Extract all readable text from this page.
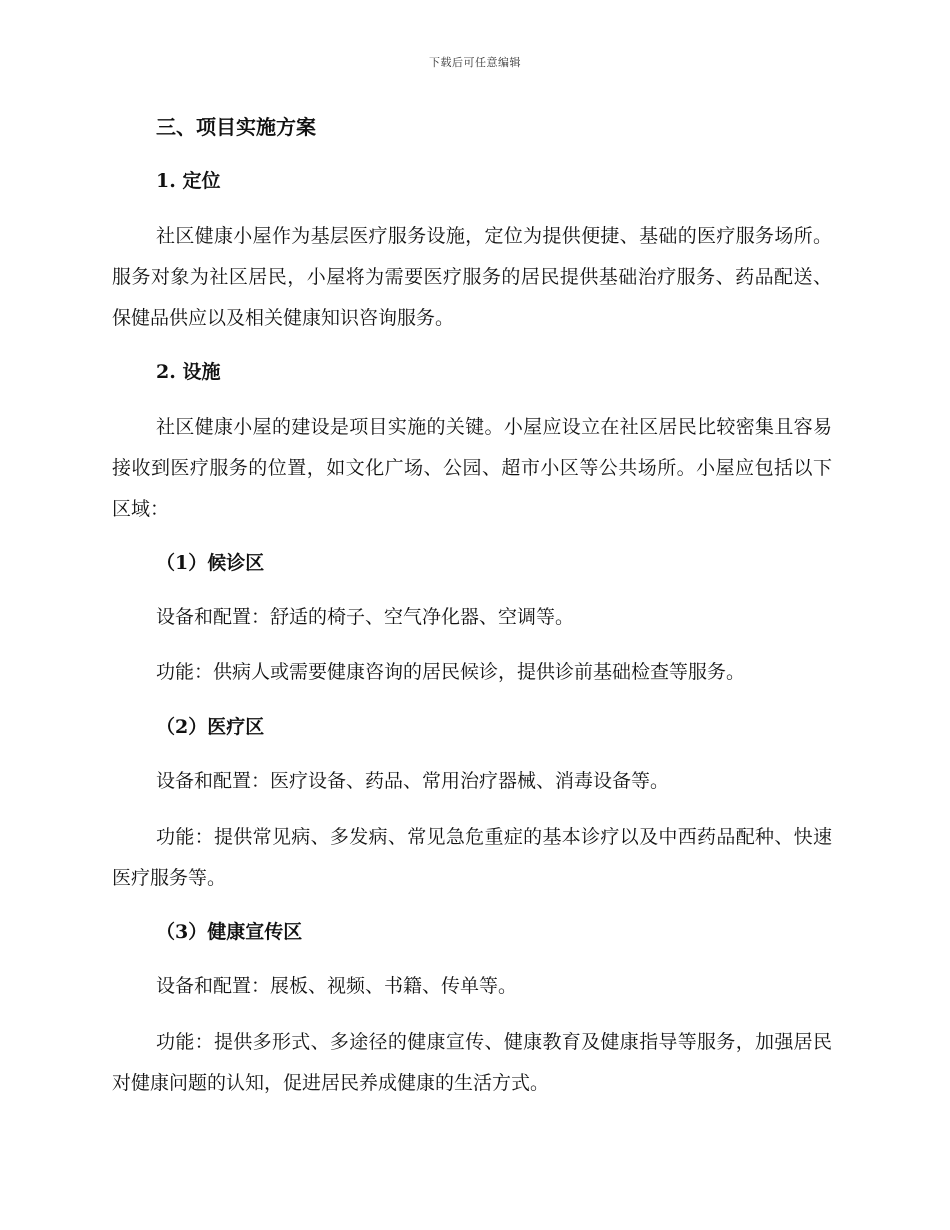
下载后可任意编辑
三、项目实施方案
1. 定位

社区健康小屋作为基层医疗服务设施，定位为提供便捷、基础的医疗服务场所。服务对象为社区居民，小屋将为需要医疗服务的居民提供基础治疗服务、药品配送、保健品供应以及相关健康知识咨询服务。

2. 设施

社区健康小屋的建设是项目实施的关键。小屋应设立在社区居民比较密集且容易接收到医疗服务的位置，如文化广场、公园、超市小区等公共场所。小屋应包括以下区域：

（1）候诊区
设备和配置：舒适的椅子、空气净化器、空调等。
功能：供病人或需要健康咨询的居民候诊，提供诊前基础检查等服务。
（2）医疗区
设备和配置：医疗设备、药品、常用治疗器械、消毒设备等。

功能：提供常见病、多发病、常见急危重症的基本诊疗以及中西药品配种、快速医疗服务等。

（3）健康宣传区
设备和配置：展板、视频、书籍、传单等。

功能：提供多形式、多途径的健康宣传、健康教育及健康指导等服务，加强居民对健康问题的认知，促进居民养成健康的生活方式。
